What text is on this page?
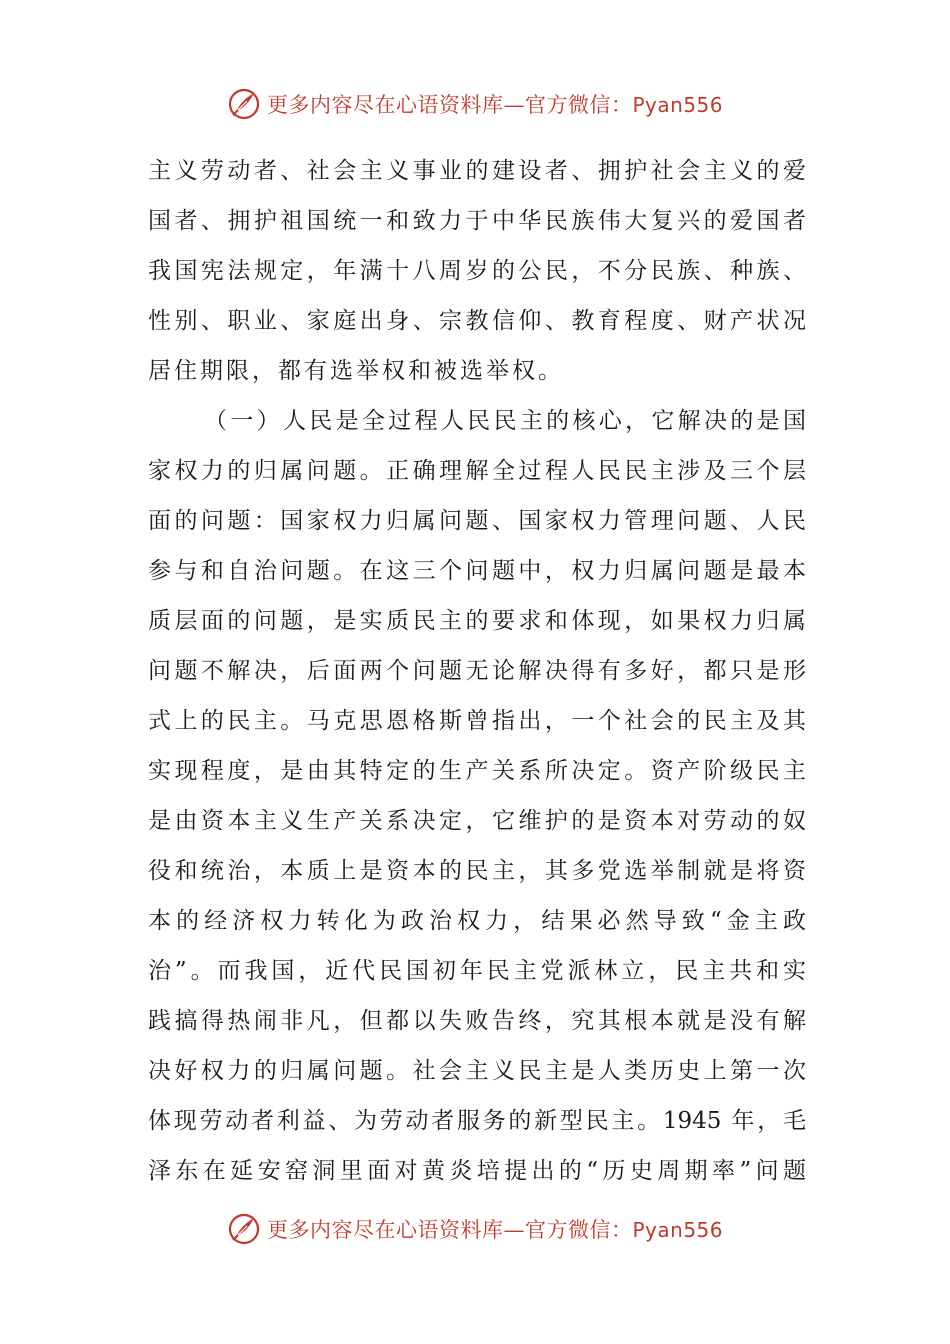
更多内容尽在心语资料库—官方微信：Pyan556
主义劳动者、社会主义事业的建设者、拥护社会主义的爱
国者、拥护祖国统一和致力于中华民族伟大复兴的爱国者
我国宪法规定，年满十八周岁的公民，不分民族、种族、
性别、职业、家庭出身、宗教信仰、教育程度、财产状况
居住期限，都有选举权和被选举权。
（一）人民是全过程人民民主的核心，它解决的是国
家权力的归属问题。正确理解全过程人民民主涉及三个层
面的问题：国家权力归属问题、国家权力管理问题、人民
参与和自治问题。在这三个问题中，权力归属问题是最本
质层面的问题，是实质民主的要求和体现，如果权力归属
问题不解决，后面两个问题无论解决得有多好，都只是形
式上的民主。马克思恩格斯曾指出，一个社会的民主及其
实现程度，是由其特定的生产关系所决定。资产阶级民主
是由资本主义生产关系决定，它维护的是资本对劳动的奴
役和统治，本质上是资本的民主，其多党选举制就是将资
本的经济权力转化为政治权力，结果必然导致“金主政
治”。而我国，近代民国初年民主党派林立，民主共和实
践搞得热闹非凡，但都以失败告终，究其根本就是没有解
决好权力的归属问题。社会主义民主是人类历史上第一次
体现劳动者利益、为劳动者服务的新型民主。1945 年，毛
泽东在延安窑洞里面对黄炎培提出的“历史周期率”问题
更多内容尽在心语资料库—官方微信：Pyan556
